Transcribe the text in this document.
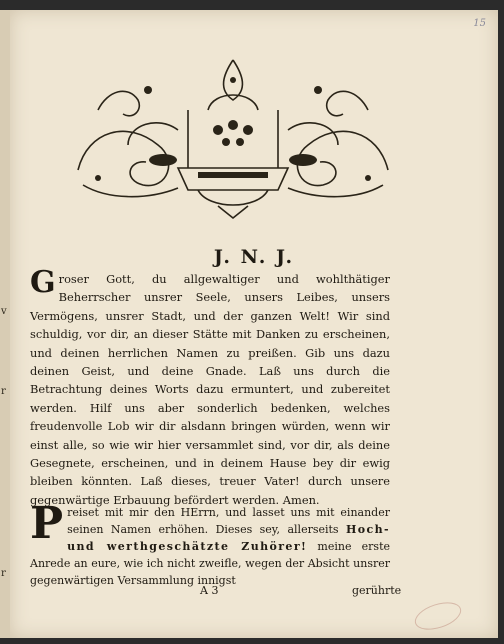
v
r
r
15
J. N. J.
Groser Gott, du allgewaltiger und wohlthätiger Beherrscher unsrer Seele, unsers Leibes, unsers Vermögens, unsrer Stadt, und der ganzen Welt! Wir sind schuldig, vor dir, an dieser Stätte mit Danken zu erscheinen, und deinen herrlichen Namen zu preißen. Gib uns dazu deinen Geist, und deine Gnade. Laß uns durch die Betrachtung deines Worts dazu ermuntert, und zubereitet werden. Hilf uns aber sonderlich bedenken, welches freudenvolle Lob wir dir alsdann bringen würden, wenn wir einst alle, so wie wir hier versammlet sind, vor dir, als deine Gesegnete, erscheinen, und in deinem Hause bey dir ewig bleiben könnten. Laß dieses, treuer Vater! durch unsere gegenwärtige Erbauung befördert werden. Amen.
Preiset mit mir den HErrn, und lasset uns mit einander seinen Namen erhöhen. Dieses sey, allerseits Hoch- und werthgeschätzte Zuhörer! meine erste Anrede an eure, wie ich nicht zweifle, wegen der Absicht unsrer gegenwärtigen Versammlung innigst
A 3	gerührte
